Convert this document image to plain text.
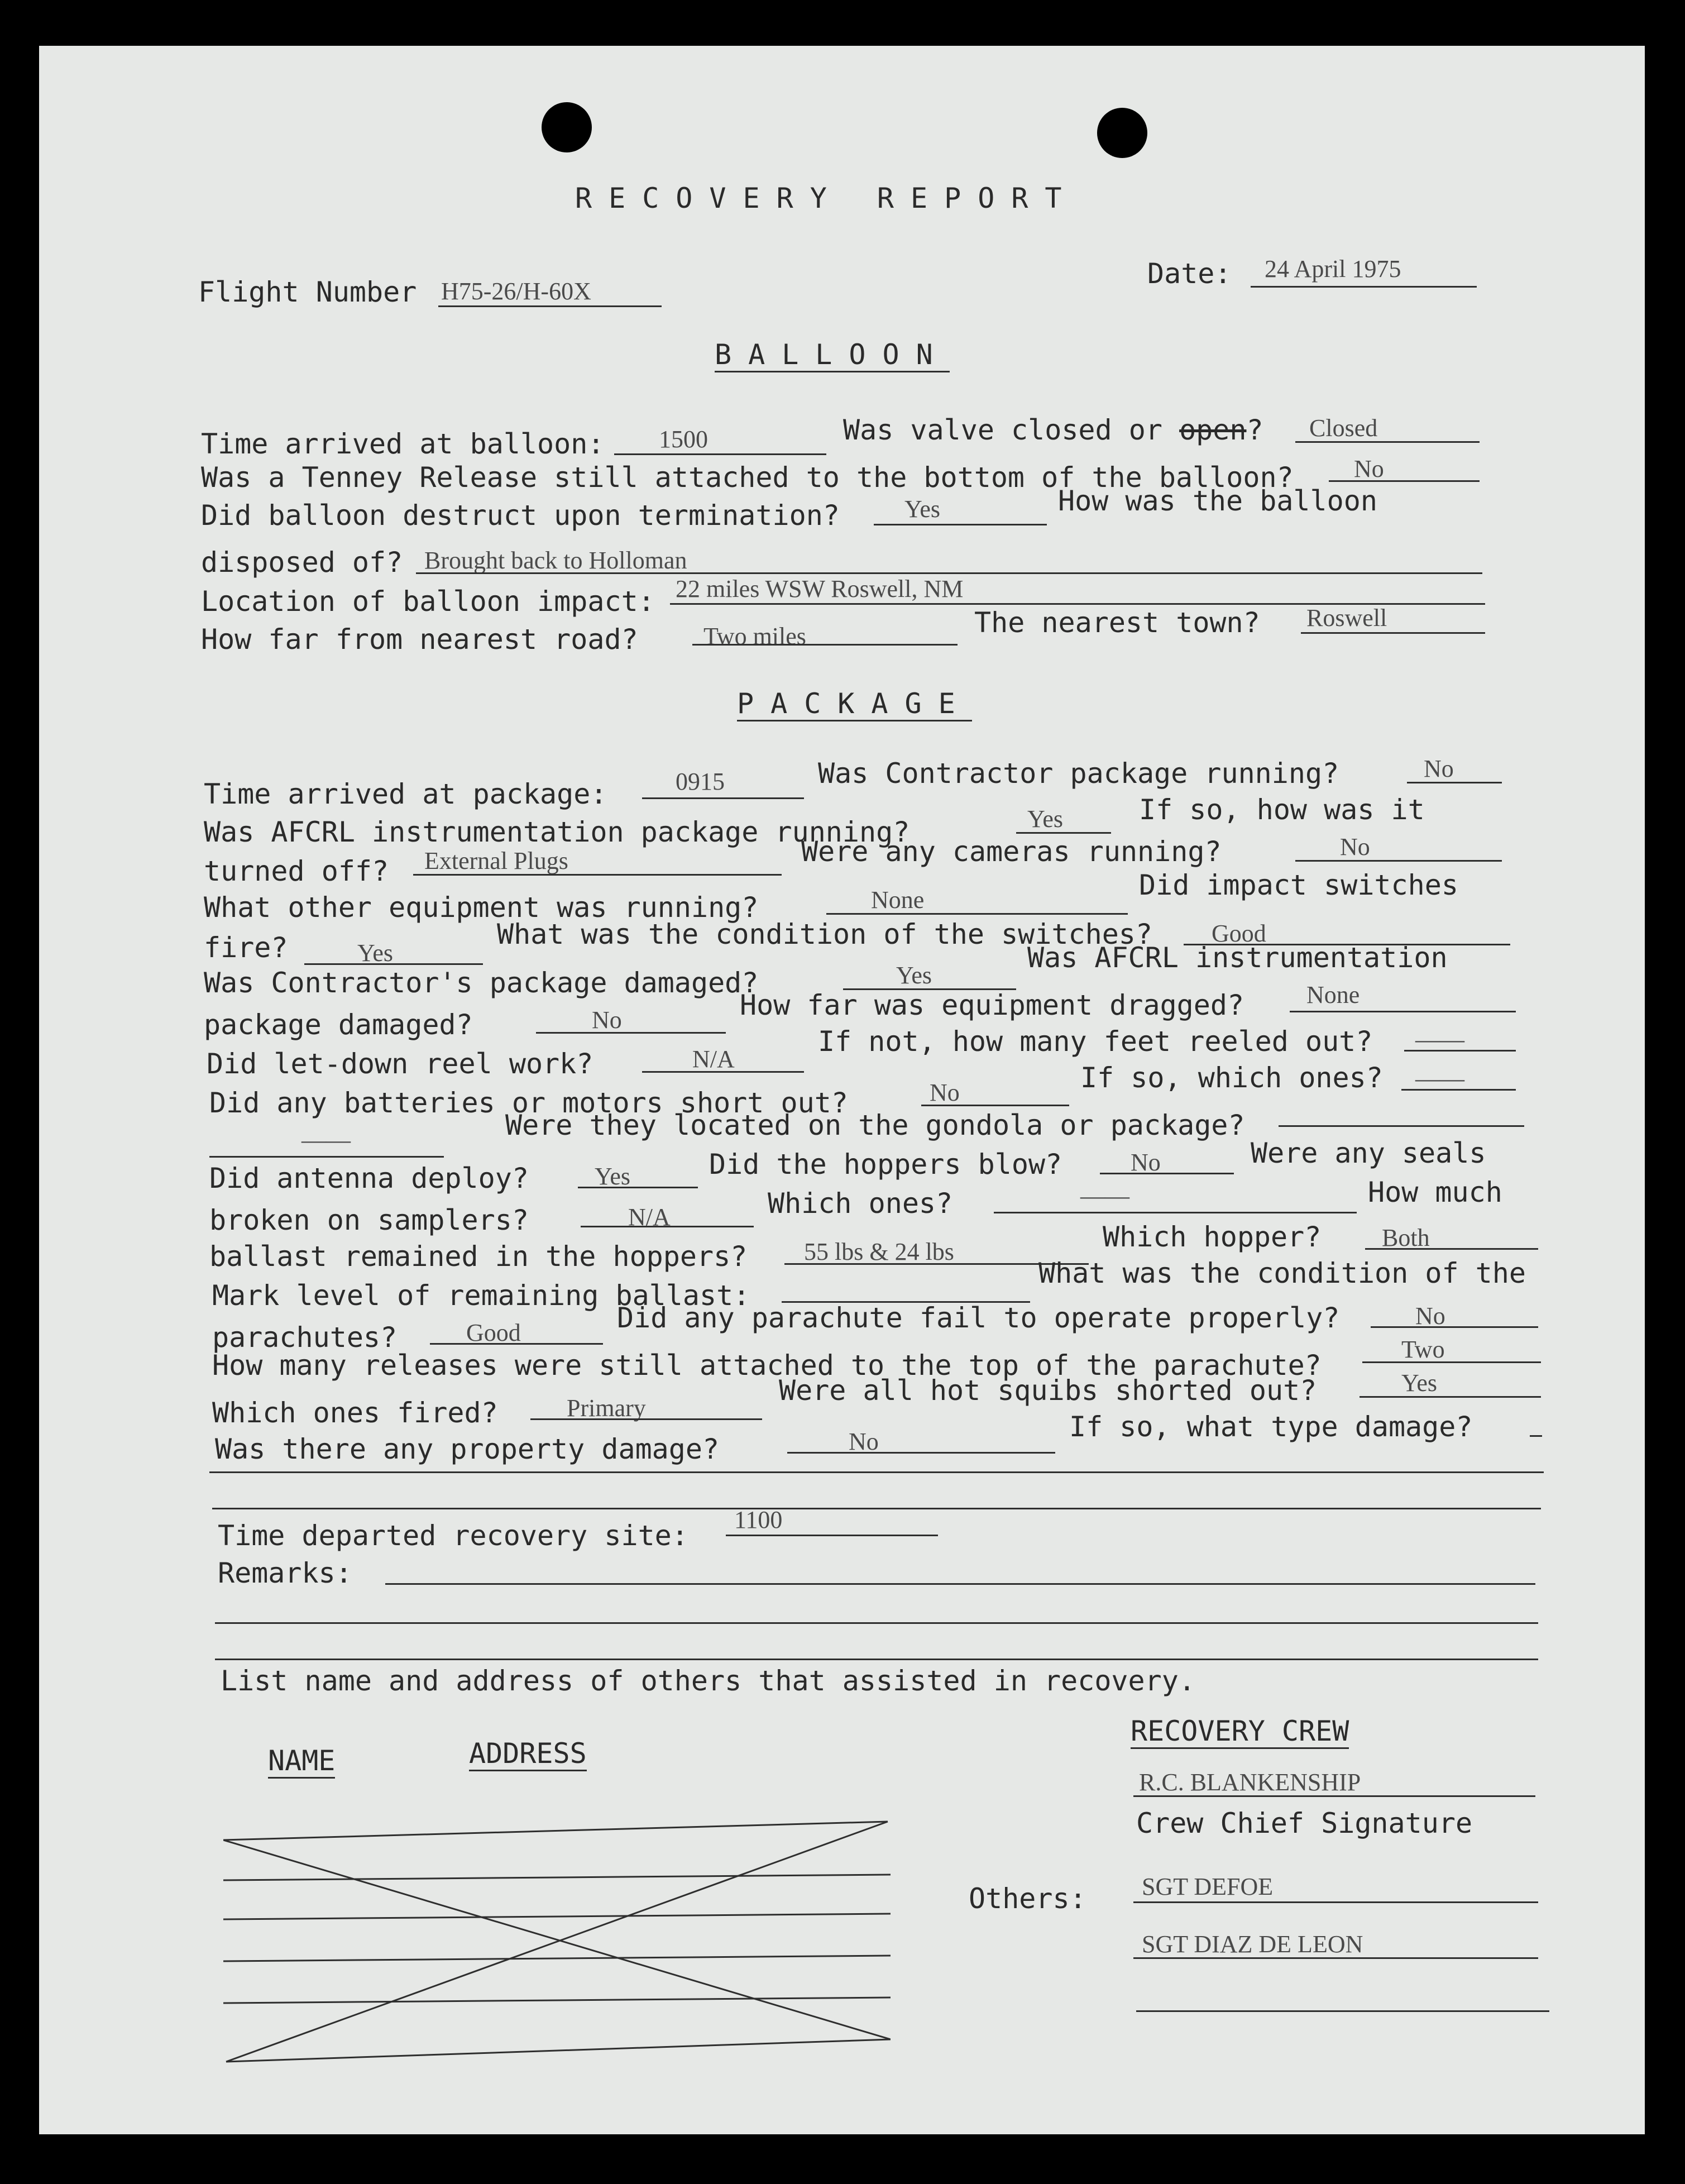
RECOVERY REPORT
Flight Number H75-26/H-60X
Date: 24 April 1975
BALLOON
Time arrived at balloon: 1500	Was valve closed or open? Closed
Was a Tenney Release still attached to the bottom of the balloon? No
Did balloon destruct upon termination?	Yes	How was the balloon
disposed of? Brought back to Holloman
Location of balloon impact: 22 miles WSW Roswell, NM
How far from nearest road?	Two miles	The nearest town? Roswell
PACKAGE
Time arrived at package:	0915	Was Contractor package running?	No
Was AFCRL instrumentation package running?	Yes	If so, how was it
turned off? External Plugs	Were any cameras running?	No
What other equipment was running?	None	Did impact switches
fire?	Yes
What was the condition of the switches? Good
Was Contractor's package damaged?	Yes
Was AFCRL instrumentation
package damaged?	No	How far was equipment dragged?	None
Did let-down reel work?	N/A
If not, how many feet reeled out? ——
Did any batteries or motors short out?	No	If so, which ones? ——
——	Were they located on the gondola or package?
Did antenna deploy?	Yes	Did the hoppers blow?	No	Were any seals
broken on samplers?	N/A	Which ones?	——	How much
ballast remained in the hoppers? 55 lbs & 24 lbs	Which hopper? Both
Mark level of remaining ballast:
What was the condition of the
parachutes?	Good	Did any parachute fail to operate properly?	No
How many releases were still attached to the top of the parachute?	Two
Which ones fired?	Primary
Were all hot squibs shorted out?	Yes
Was there any property damage?	No	If so, what type damage?
Time departed recovery site: 1100
Remarks:
List name and address of others that assisted in recovery.
NAME	ADDRESS
RECOVERY CREW
R.C. BLANKENSHIP
Crew Chief Signature
Others: SGT DEFOE
SGT DIAZ DE LEON
